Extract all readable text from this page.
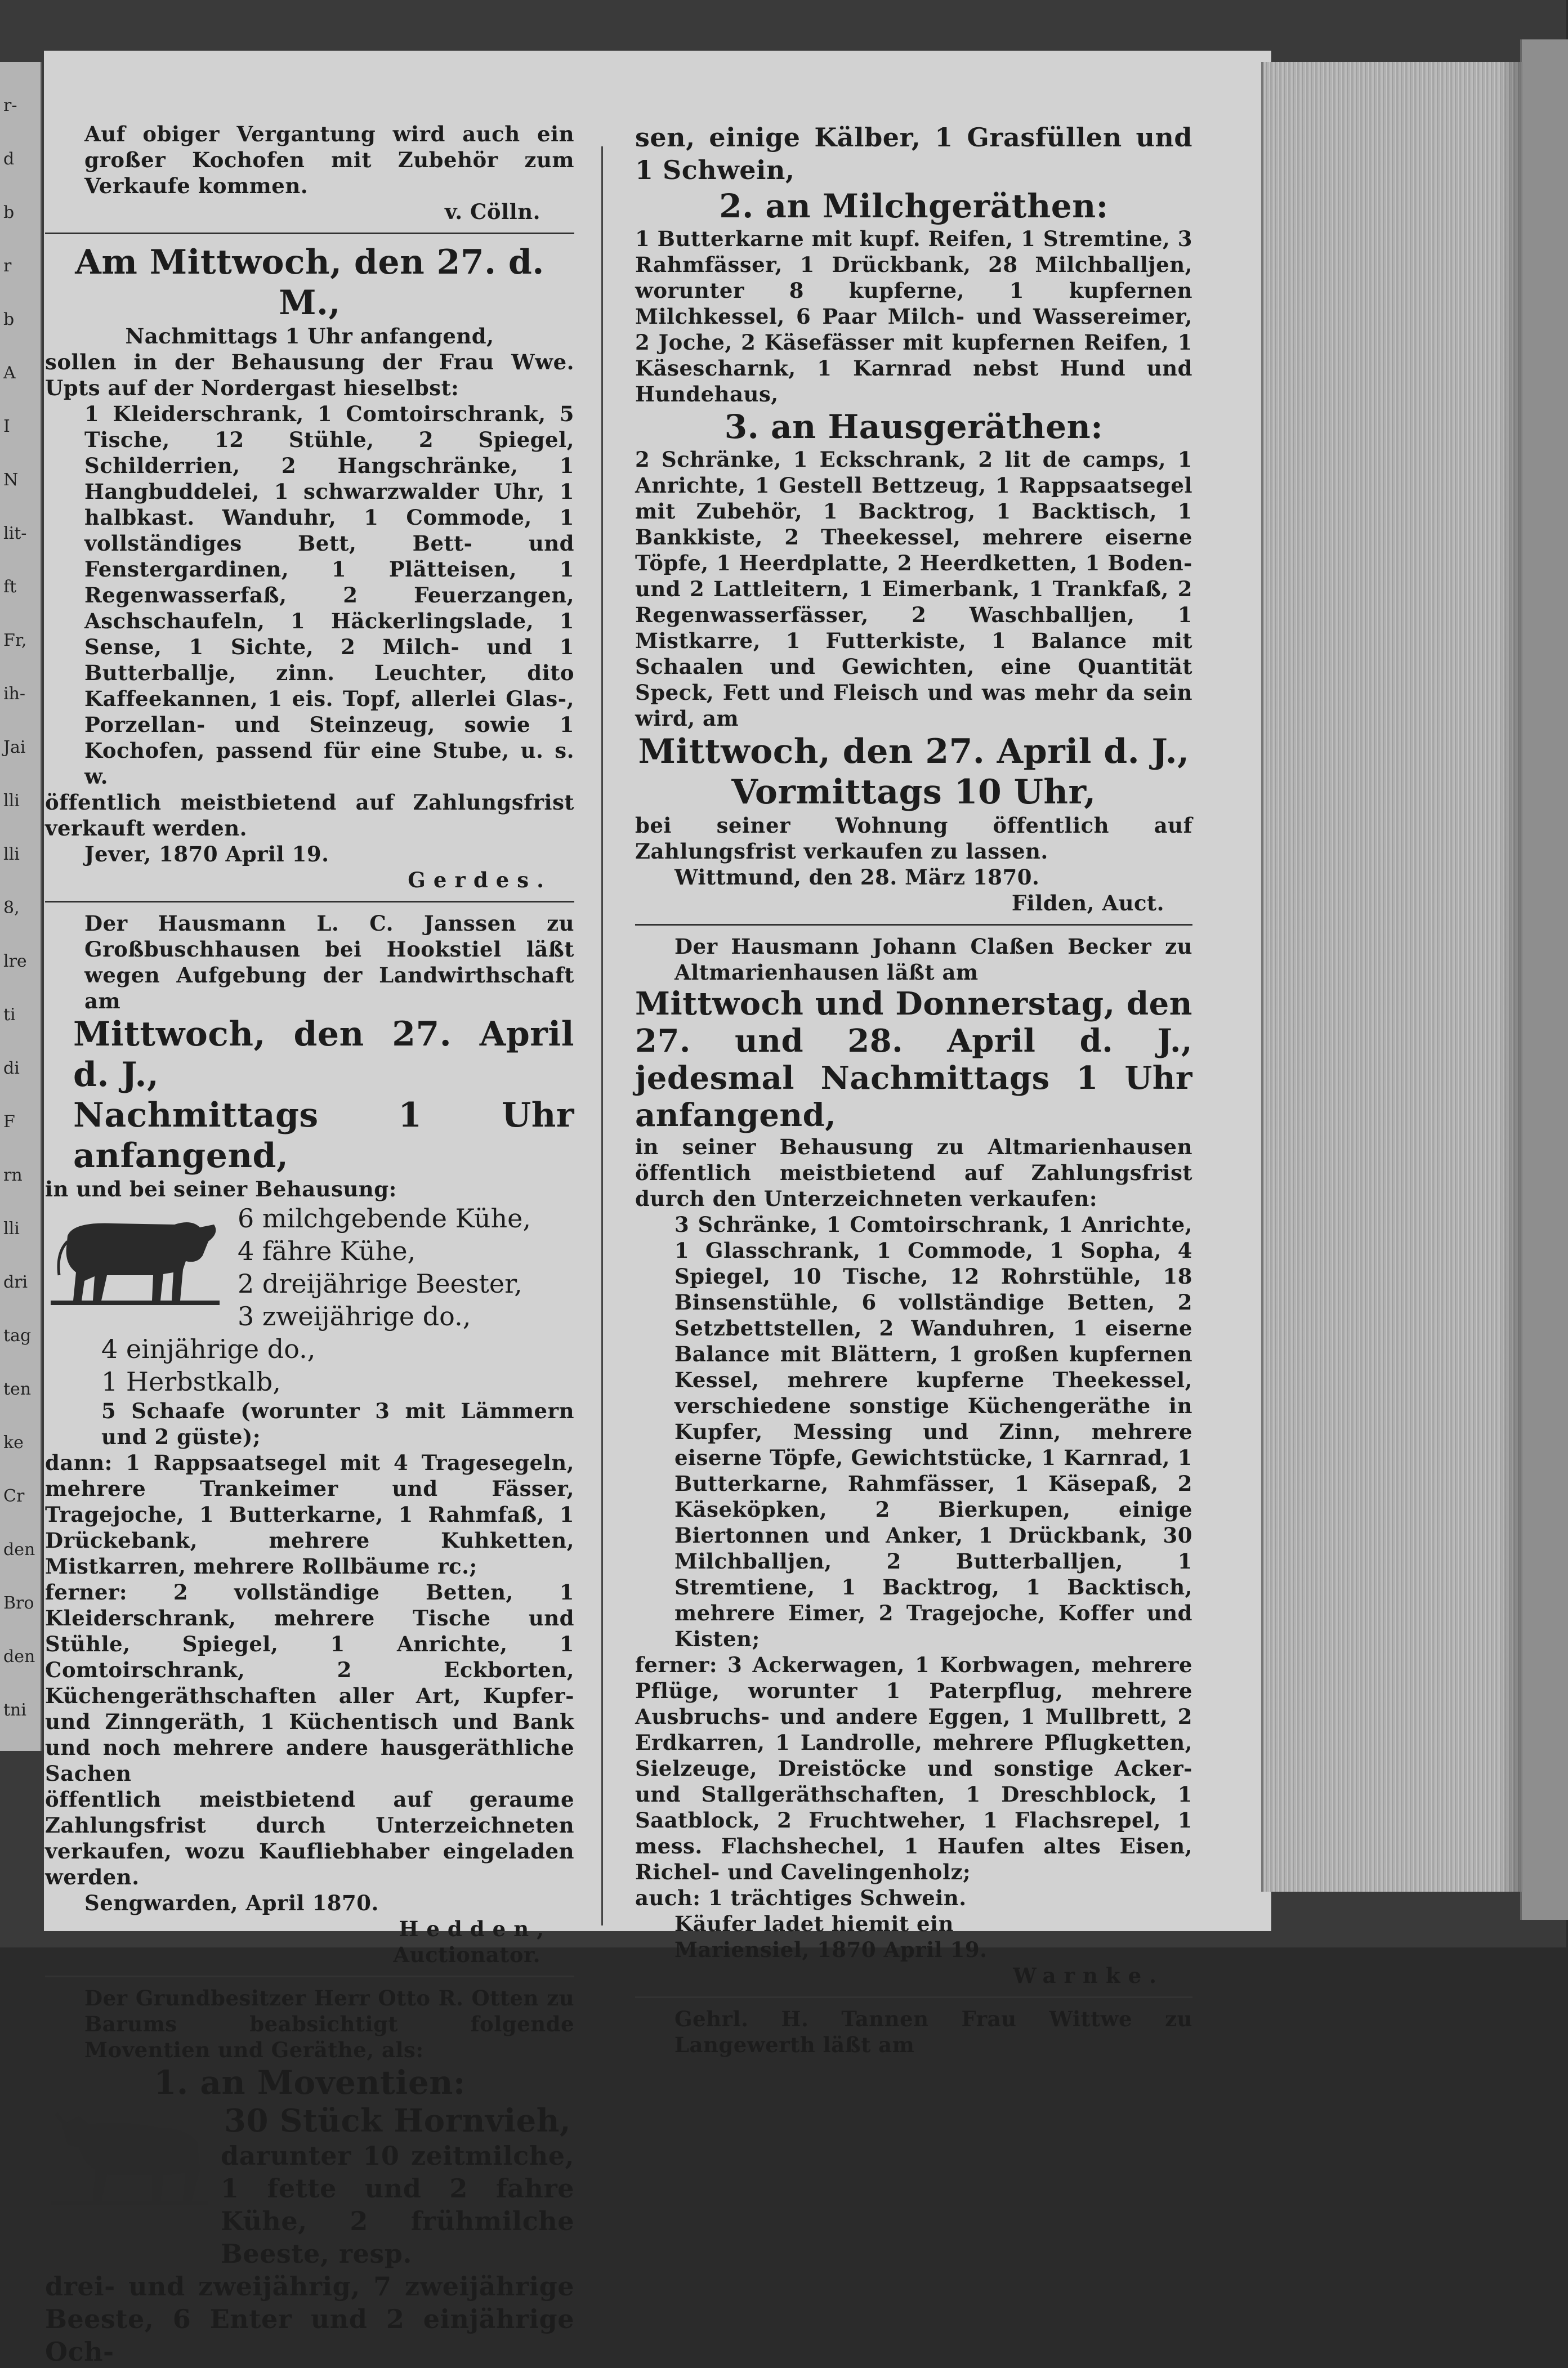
r-
d
b
r
b
A
I
N
lit-
ft
Fr,
ih-
Jai
lli
lli
8,
lre
ti
di
F
rn
lli
dri
tag
ten
ke
Cr
den
Bro
den
tni

Auf obiger Vergantung wird auch ein großer Kochofen mit Zubehör zum Verkaufe kommen.

v. Cölln.

Am Mittwoch, den 27. d. M.,

Nachmittags 1 Uhr anfangend,

sollen in der Behausung der Frau Wwe. Upts auf der Nordergast hieselbst:

1 Kleiderschrank, 1 Comtoirschrank, 5 Tische, 12 Stühle, 2 Spiegel, Schilderrien, 2 Hangschränke, 1 Hangbuddelei, 1 schwarzwalder Uhr, 1 halbkast. Wanduhr, 1 Commode, 1 vollständiges Bett, Bett- und Fenstergardinen, 1 Plätteisen, 1 Regenwasserfaß, 2 Feuerzangen, Aschschaufeln, 1 Häckerlingslade, 1 Sense, 1 Sichte, 2 Milch- und 1 Butterballje, zinn. Leuchter, dito Kaffeekannen, 1 eis. Topf, allerlei Glas-, Porzellan- und Steinzeug, sowie 1 Kochofen, passend für eine Stube, u. s. w.

öffentlich meistbietend auf Zahlungsfrist verkauft werden.

Jever, 1870 April 19.

Gerdes.

Der Hausmann L. C. Janssen zu Großbuschhausen bei Hookstiel läßt wegen Aufgebung der Landwirthschaft am

Mittwoch, den 27. April d. J.,

Nachmittags 1 Uhr anfangend,

in und bei seiner Behausung:

6 milchgebende Kühe,
4 fähre Kühe,
2 dreijährige Beester,
3 zweijährige do.,
4 einjährige do.,
1 Herbstkalb,

5 Schaafe (worunter 3 mit Lämmern und 2 güste);

dann: 1 Rappsaatsegel mit 4 Tragesegeln, mehrere Trankeimer und Fässer, Tragejoche, 1 Butterkarne, 1 Rahmfaß, 1 Drückebank, mehrere Kuhketten, Mistkarren, mehrere Rollbäume rc.;

ferner: 2 vollständige Betten, 1 Kleiderschrank, mehrere Tische und Stühle, Spiegel, 1 Anrichte, 1 Comtoirschrank, 2 Eckborten, Küchengeräthschaften aller Art, Kupfer- und Zinngeräth, 1 Küchentisch und Bank und noch mehrere andere hausgeräthliche Sachen

öffentlich meistbietend auf geraume Zahlungsfrist durch Unterzeichneten verkaufen, wozu Kaufliebhaber eingeladen werden.

Sengwarden, April 1870.

Hedden,

Auctionator.

Der Grundbesitzer Herr Otto R. Otten zu Barums beabsichtigt folgende Moventien und Geräthe, als:

1. an Moventien:

30 Stück Hornvieh,

darunter 10 zeitmilche, 1 fette und 2 fahre Kühe, 2 frühmilche Beeste, resp.

drei- und zweijährig, 7 zweijährige Beeste, 6 Enter und 2 einjährige Och-

sen, einige Kälber, 1 Grasfüllen und 1 Schwein,

2. an Milchgeräthen:

1 Butterkarne mit kupf. Reifen, 1 Stremtine, 3 Rahmfässer, 1 Drückbank, 28 Milchballjen, worunter 8 kupferne, 1 kupfernen Milchkessel, 6 Paar Milch- und Wassereimer, 2 Joche, 2 Käsefässer mit kupfernen Reifen, 1 Käsescharnk, 1 Karnrad nebst Hund und Hundehaus,

3. an Hausgeräthen:

2 Schränke, 1 Eckschrank, 2 lit de camps, 1 Anrichte, 1 Gestell Bettzeug, 1 Rappsaatsegel mit Zubehör, 1 Backtrog, 1 Backtisch, 1 Bankkiste, 2 Theekessel, mehrere eiserne Töpfe, 1 Heerdplatte, 2 Heerdketten, 1 Boden- und 2 Lattleitern, 1 Eimerbank, 1 Trankfaß, 2 Regenwasserfässer, 2 Waschballjen, 1 Mistkarre, 1 Futterkiste, 1 Balance mit Schaalen und Gewichten, eine Quantität Speck, Fett und Fleisch und was mehr da sein wird, am

Mittwoch, den 27. April d. J.,

Vormittags 10 Uhr,

bei seiner Wohnung öffentlich auf Zahlungsfrist verkaufen zu lassen.

Wittmund, den 28. März 1870.

Filden, Auct.

Der Hausmann Johann Claßen Becker zu Altmarienhausen läßt am

Mittwoch und Donnerstag, den 27. und 28. April d. J., jedesmal Nachmittags 1 Uhr anfangend,

in seiner Behausung zu Altmarienhausen öffentlich meistbietend auf Zahlungsfrist durch den Unterzeichneten verkaufen:

3 Schränke, 1 Comtoirschrank, 1 Anrichte, 1 Glasschrank, 1 Commode, 1 Sopha, 4 Spiegel, 10 Tische, 12 Rohrstühle, 18 Binsenstühle, 6 vollständige Betten, 2 Setzbettstellen, 2 Wanduhren, 1 eiserne Balance mit Blättern, 1 großen kupfernen Kessel, mehrere kupferne Theekessel, verschiedene sonstige Küchengeräthe in Kupfer, Messing und Zinn, mehrere eiserne Töpfe, Gewichtstücke, 1 Karnrad, 1 Butterkarne, Rahmfässer, 1 Käsepaß, 2 Käseköpken, 2 Bierkupen, einige Biertonnen und Anker, 1 Drückbank, 30 Milchballjen, 2 Butterballjen, 1 Stremtiene, 1 Backtrog, 1 Backtisch, mehrere Eimer, 2 Tragejoche, Koffer und Kisten;

ferner: 3 Ackerwagen, 1 Korbwagen, mehrere Pflüge, worunter 1 Paterpflug, mehrere Ausbruchs- und andere Eggen, 1 Mullbrett, 2 Erdkarren, 1 Landrolle, mehrere Pflugketten, Sielzeuge, Dreistöcke und sonstige Acker- und Stallgeräthschaften, 1 Dreschblock, 1 Saatblock, 2 Fruchtweher, 1 Flachsrepel, 1 mess. Flachshechel, 1 Haufen altes Eisen, Richel- und Cavelingenholz;

auch: 1 trächtiges Schwein.

Käufer ladet hiemit ein

Mariensiel, 1870 April 19.

Warnke.

Gehrl. H. Tannen Frau Wittwe zu Langewerth läßt am
